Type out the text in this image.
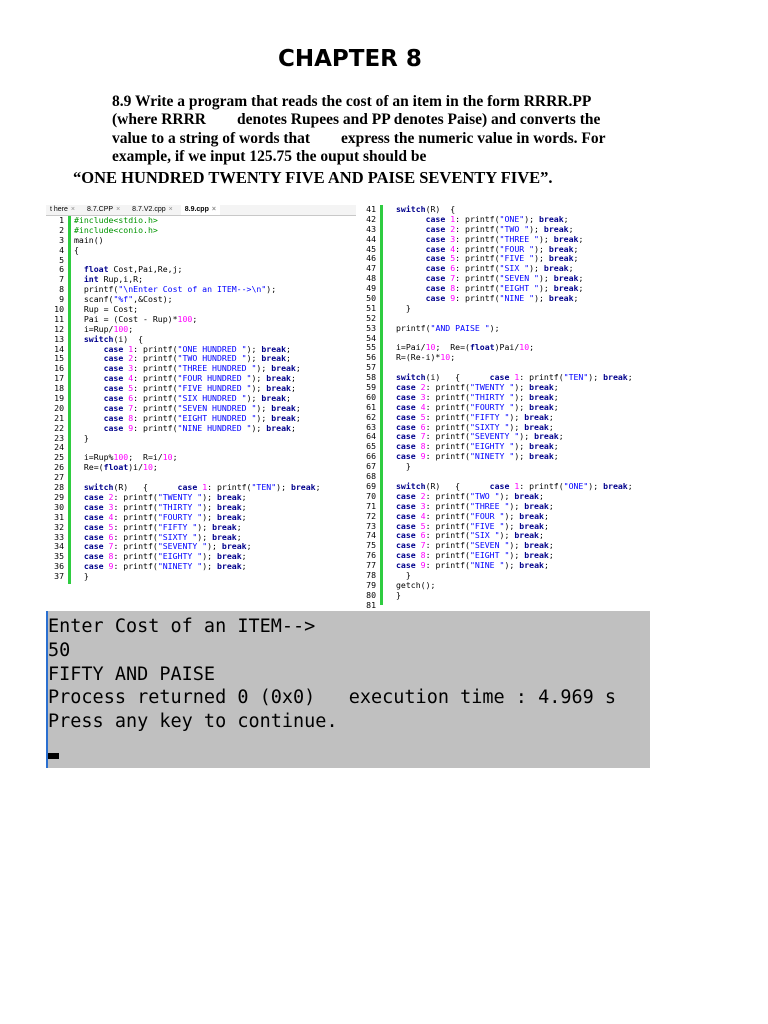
CHAPTER 8

8.9 Write a program that reads the cost of an item in the form RRRR.PP

(where RRRR        denotes Rupees and PP denotes Paise) and converts the

value to a string of words that        express the numeric value in words. For

example, if we input 125.75 the ouput should be

“ONE HUNDRED TWENTY FIVE AND PAISE SEVENTY FIVE”.
t here ×	8.7.CPP ×	8.7.V2.cpp ×	8.9.cpp ×
1
2
3
4
5
6
7
8
9
10
11
12
13
14
15
16
17
18
19
20
21
22
23
24
25
26
27
28
29
30
31
32
33
34
35
36
37
#include<stdio.h>
#include<conio.h>
main()
{
float Cost,Pai,Re,j;
int Rup,i,R;
printf("\nEnter Cost of an ITEM-->\n");
scanf("%f",&Cost);
Rup = Cost;
Pai = (Cost - Rup)*100;
i=Rup/100;
switch(i)  {
case 1: printf("ONE HUNDRED "); break;
case 2: printf("TWO HUNDRED "); break;
case 3: printf("THREE HUNDRED "); break;
case 4: printf("FOUR HUNDRED "); break;
case 5: printf("FIVE HUNDRED "); break;
case 6: printf("SIX HUNDRED "); break;
case 7: printf("SEVEN HUNDRED "); break;
case 8: printf("EIGHT HUNDRED "); break;
case 9: printf("NINE HUNDRED "); break;
}
i=Rup%100;  R=i/10;
Re=(float)i/10;
switch(R)   {      case 1: printf("TEN"); break;
case 2: printf("TWENTY "); break;
case 3: printf("THIRTY "); break;
case 4: printf("FOURTY "); break;
case 5: printf("FIFTY "); break;
case 6: printf("SIXTY "); break;
case 7: printf("SEVENTY "); break;
case 8: printf("EIGHTY "); break;
case 9: printf("NINETY "); break;
}
41
42
43
44
45
46
47
48
49
50
51
52
53
54
55
56
57
58
59
60
61
62
63
64
65
66
67
68
69
70
71
72
73
74
75
76
77
78
79
80
81
switch(R)  {
case 1: printf("ONE"); break;
case 2: printf("TWO "); break;
case 3: printf("THREE "); break;
case 4: printf("FOUR "); break;
case 5: printf("FIVE "); break;
case 6: printf("SIX "); break;
case 7: printf("SEVEN "); break;
case 8: printf("EIGHT "); break;
case 9: printf("NINE "); break;
}
printf("AND PAISE ");
i=Pai/10;  Re=(float)Pai/10;
R=(Re-i)*10;
switch(i)   {      case 1: printf("TEN"); break;
case 2: printf("TWENTY "); break;
case 3: printf("THIRTY "); break;
case 4: printf("FOURTY "); break;
case 5: printf("FIFTY "); break;
case 6: printf("SIXTY "); break;
case 7: printf("SEVENTY "); break;
case 8: printf("EIGHTY "); break;
case 9: printf("NINETY "); break;
}
switch(R)   {      case 1: printf("ONE"); break;
case 2: printf("TWO "); break;
case 3: printf("THREE "); break;
case 4: printf("FOUR "); break;
case 5: printf("FIVE "); break;
case 6: printf("SIX "); break;
case 7: printf("SEVEN "); break;
case 8: printf("EIGHT "); break;
case 9: printf("NINE "); break;
}
getch();
}
Enter Cost of an ITEM-->
50
FIFTY AND PAISE
Process returned 0 (0x0)   execution time : 4.969 s
Press any key to continue.
